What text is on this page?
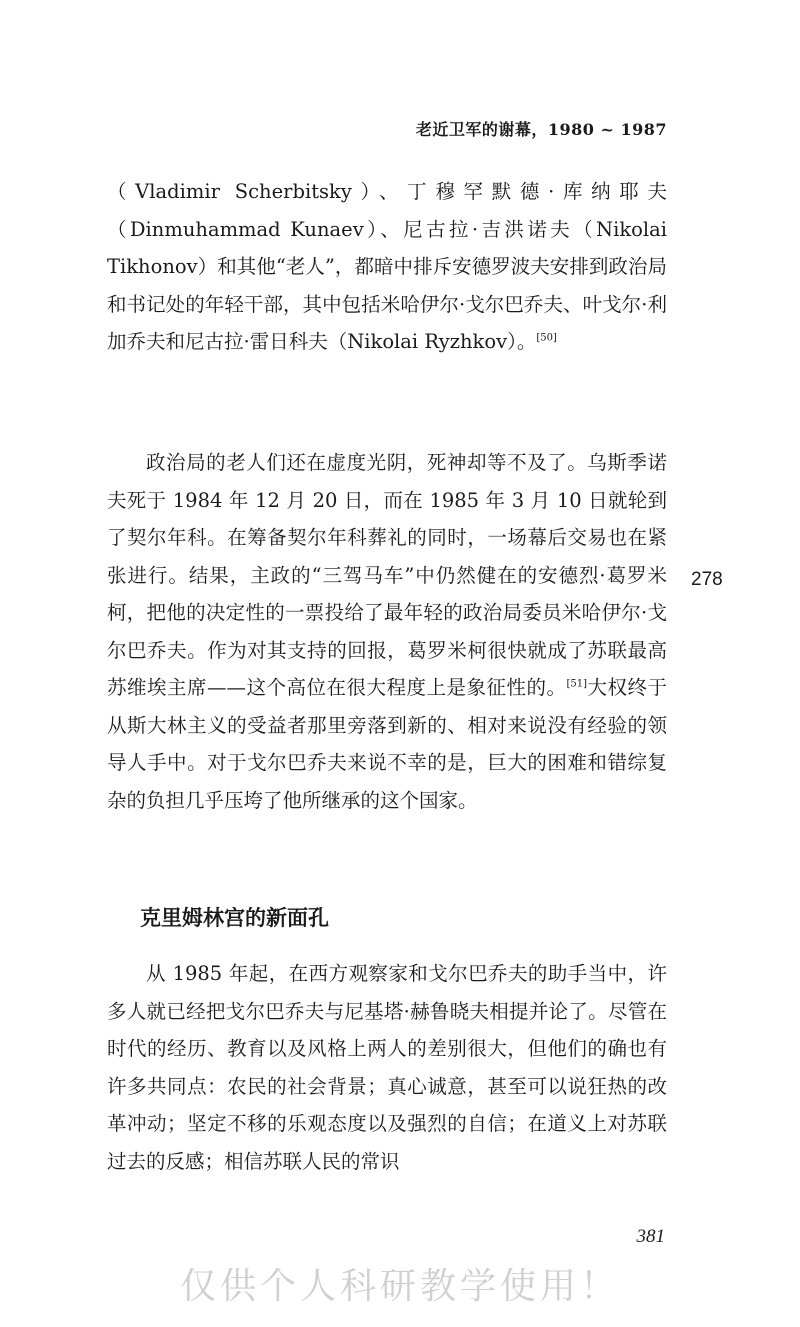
老近卫军的谢幕，1980 ~ 1987

（Vladimir Scherbitsky）、丁穆罕默德·库纳耶夫（Dinmuhammad Kunaev）、尼古拉·吉洪诺夫（Nikolai Tikhonov）和其他“老人”，都暗中排斥安德罗波夫安排到政治局和书记处的年轻干部，其中包括米哈伊尔·戈尔巴乔夫、叶戈尔·利加乔夫和尼古拉·雷日科夫（Nikolai Ryzhkov）。[50]

政治局的老人们还在虚度光阴，死神却等不及了。乌斯季诺夫死于 1984 年 12 月 20 日，而在 1985 年 3 月 10 日就轮到了契尔年科。在筹备契尔年科葬礼的同时，一场幕后交易也在紧张进行。结果，主政的“三驾马车”中仍然健在的安德烈·葛罗米柯，把他的决定性的一票投给了最年轻的政治局委员米哈伊尔·戈尔巴乔夫。作为对其支持的回报，葛罗米柯很快就成了苏联最高苏维埃主席——这个高位在很大程度上是象征性的。[51]大权终于从斯大林主义的受益者那里旁落到新的、相对来说没有经验的领导人手中。对于戈尔巴乔夫来说不幸的是，巨大的困难和错综复杂的负担几乎压垮了他所继承的这个国家。

278
克里姆林宫的新面孔

从 1985 年起，在西方观察家和戈尔巴乔夫的助手当中，许多人就已经把戈尔巴乔夫与尼基塔·赫鲁晓夫相提并论了。尽管在时代的经历、教育以及风格上两人的差别很大，但他们的确也有许多共同点：农民的社会背景；真心诚意，甚至可以说狂热的改革冲动；坚定不移的乐观态度以及强烈的自信；在道义上对苏联过去的反感；相信苏联人民的常识

381
仅供个人科研教学使用！
